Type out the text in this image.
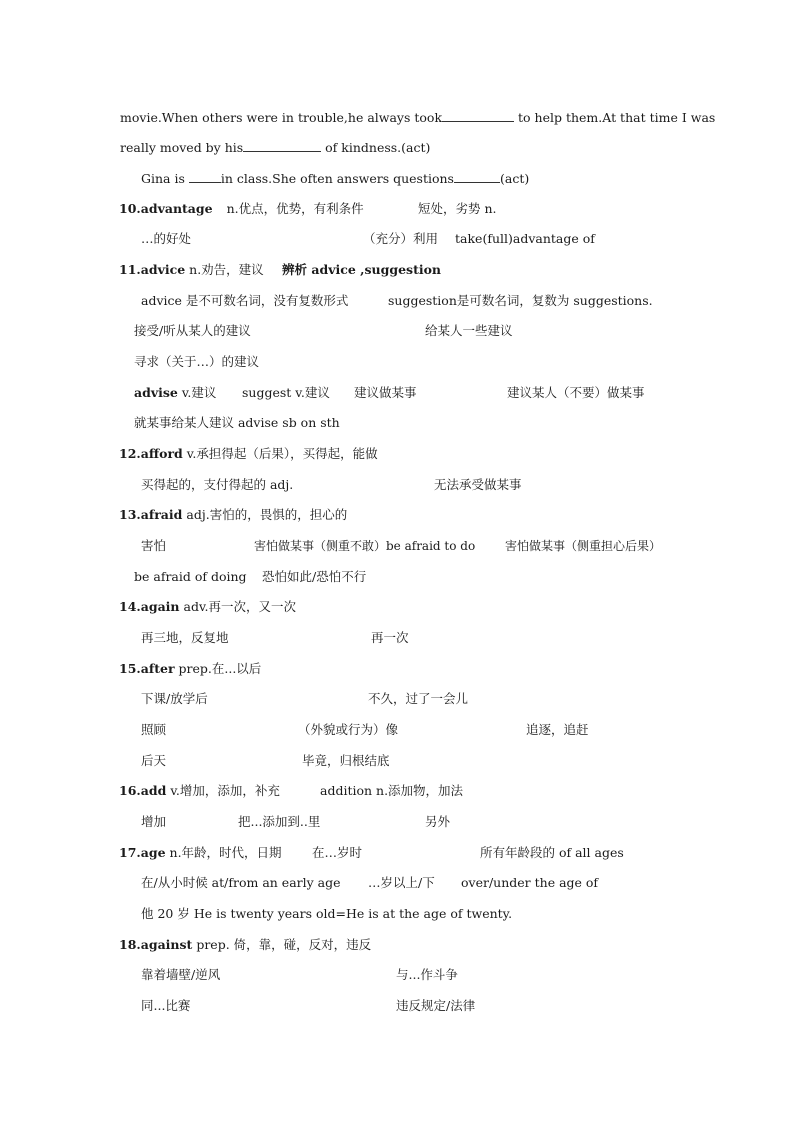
movie.When others were in trouble,he always took	to help them.At that time I was
really moved by his	of kindness.(act)
Gina is	in class.She often answers questions	(act)
10.advantage n.优点，优势，有利条件	短处，劣势 n.
…的好处	（充分）利用 take(full)advantage of
11.advice n.劝告，建议 辨析 advice ,suggestion
advice 是不可数名词，没有复数形式	suggestion是可数名词，复数为 suggestions.
接受/听从某人的建议	给某人一些建议
寻求（关于…）的建议
advise v.建议 suggest v.建议 建议做某事	建议某人（不要）做某事
就某事给某人建议 advise sb on sth
12.afford v.承担得起（后果），买得起，能做
买得起的，支付得起的 adj.	无法承受做某事
13.afraid adj.害怕的，畏惧的，担心的
害怕	害怕做某事（侧重不敢）be afraid to do 害怕做某事（侧重担心后果）
be afraid of doing 恐怕如此/恐怕不行
14.again adv.再一次，又一次
再三地，反复地	再一次
15.after prep.在...以后
下课/放学后	不久，过了一会儿
照顾	（外貌或行为）像	追逐，追赶
后天	毕竟，归根结底
16.add v.增加，添加，补充	addition n.添加物，加法
增加	把...添加到..里	另外
17.age n.年龄，时代，日期 在…岁时	所有年龄段的 of all ages
在/从小时候 at/from an early age …岁以上/下 over/under the age of
他 20 岁 He is twenty years old=He is at the age of twenty.
18.against prep. 倚，靠，碰，反对，违反
靠着墙壁/逆风	与...作斗争
同...比赛	违反规定/法律
